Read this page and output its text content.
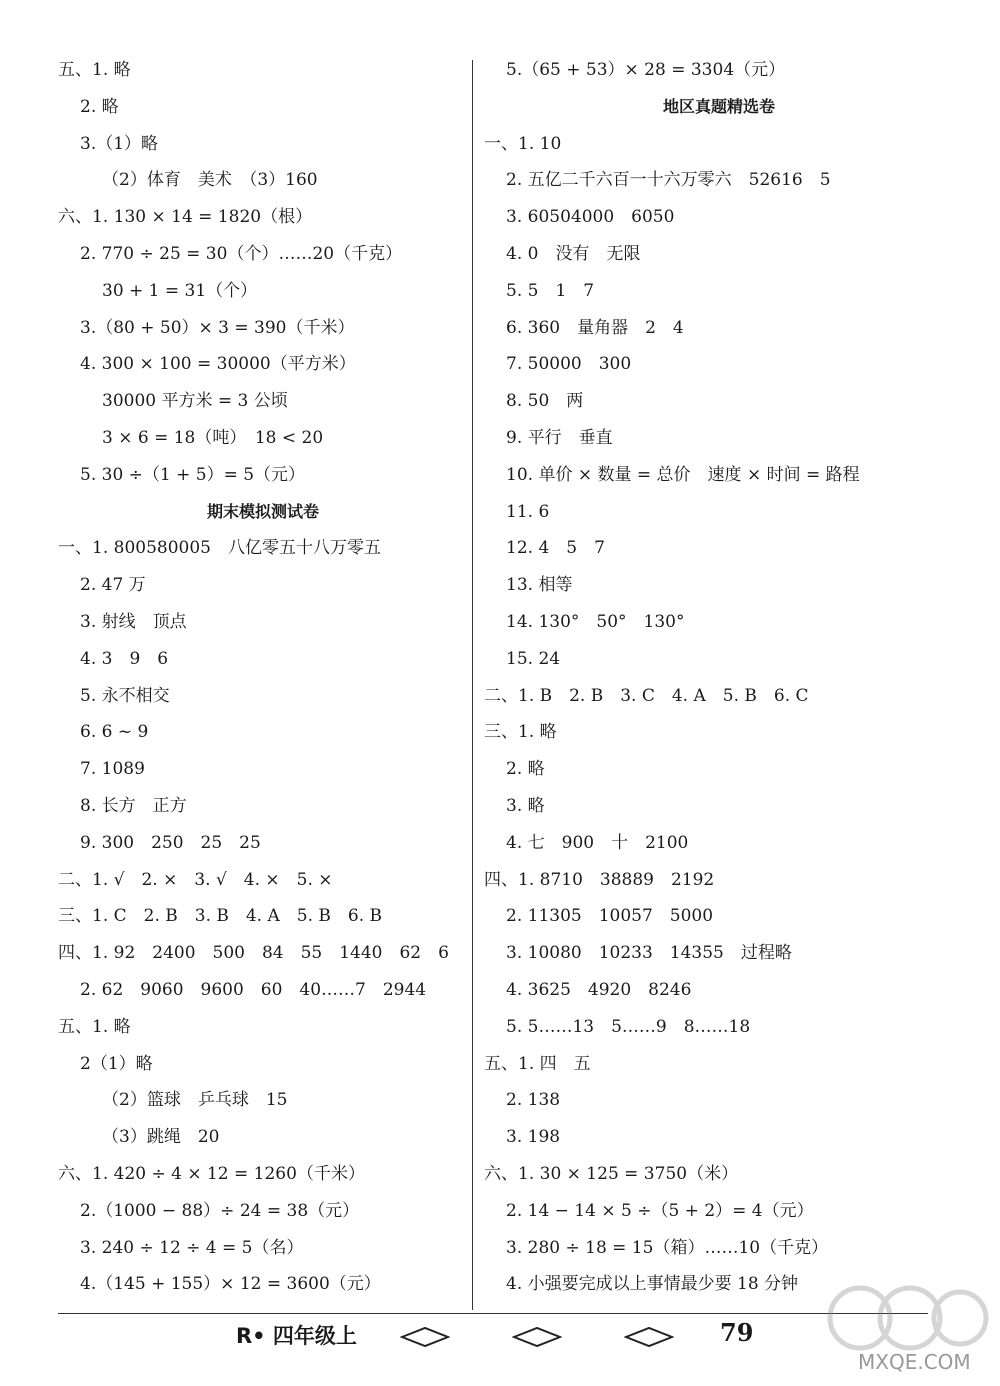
五、1. 略
2. 略
3.（1）略
（2）体育　美术　（3）160
六、1. 130 × 14 = 1820（根）
2. 770 ÷ 25 = 30（个）……20（千克）
30 + 1 = 31（个）
3.（80 + 50）× 3 = 390（千米）
4. 300 × 100 = 30000（平方米）
30000 平方米 = 3 公顷
3 × 6 = 18（吨）　18 < 20
5. 30 ÷（1 + 5）= 5（元）
期末模拟测试卷
一、1. 800580005　八亿零五十八万零五
2. 47 万
3. 射线　顶点
4. 3　9　6
5. 永不相交
6. 6 ~ 9
7. 1089
8. 长方　正方
9. 300　250　25　25
二、1. √　2. ×　3. √　4. ×　5. ×
三、1. C　2. B　3. B　4. A　5. B　6. B
四、1. 92　2400　500　84　55　1440　62　6
2. 62　9060　9600　60　40……7　2944
五、1. 略
2（1）略
（2）篮球　乒乓球　15
（3）跳绳　20
六、1. 420 ÷ 4 × 12 = 1260（千米）
2.（1000 − 88）÷ 24 = 38（元）
3. 240 ÷ 12 ÷ 4 = 5（名）
4.（145 + 155）× 12 = 3600（元）
5.（65 + 53）× 28 = 3304（元）
地区真题精选卷
一、1. 10
2. 五亿二千六百一十六万零六　52616　5
3. 60504000　6050
4. 0　没有　无限
5. 5　1　7
6. 360　量角器　2　4
7. 50000　300
8. 50　两
9. 平行　垂直
10. 单价 × 数量 = 总价　速度 × 时间 = 路程
11. 6
12. 4　5　7
13. 相等
14. 130°　50°　130°
15. 24
二、1. B　2. B　3. C　4. A　5. B　6. C
三、1. 略
2. 略
3. 略
4. 七　900　十　2100
四、1. 8710　38889　2192
2. 11305　10057　5000
3. 10080　10233　14355　过程略
4. 3625　4920　8246
5. 5……13　5……9　8……18
五、1. 四　五
2. 138
3. 198
六、1. 30 × 125 = 3750（米）
2. 14 − 14 × 5 ÷（5 + 2）= 4（元）
3. 280 ÷ 18 = 15（箱）……10（千克）
4. 小强要完成以上事情最少要 18 分钟
R• 四年级上	79
MXQE.COM
